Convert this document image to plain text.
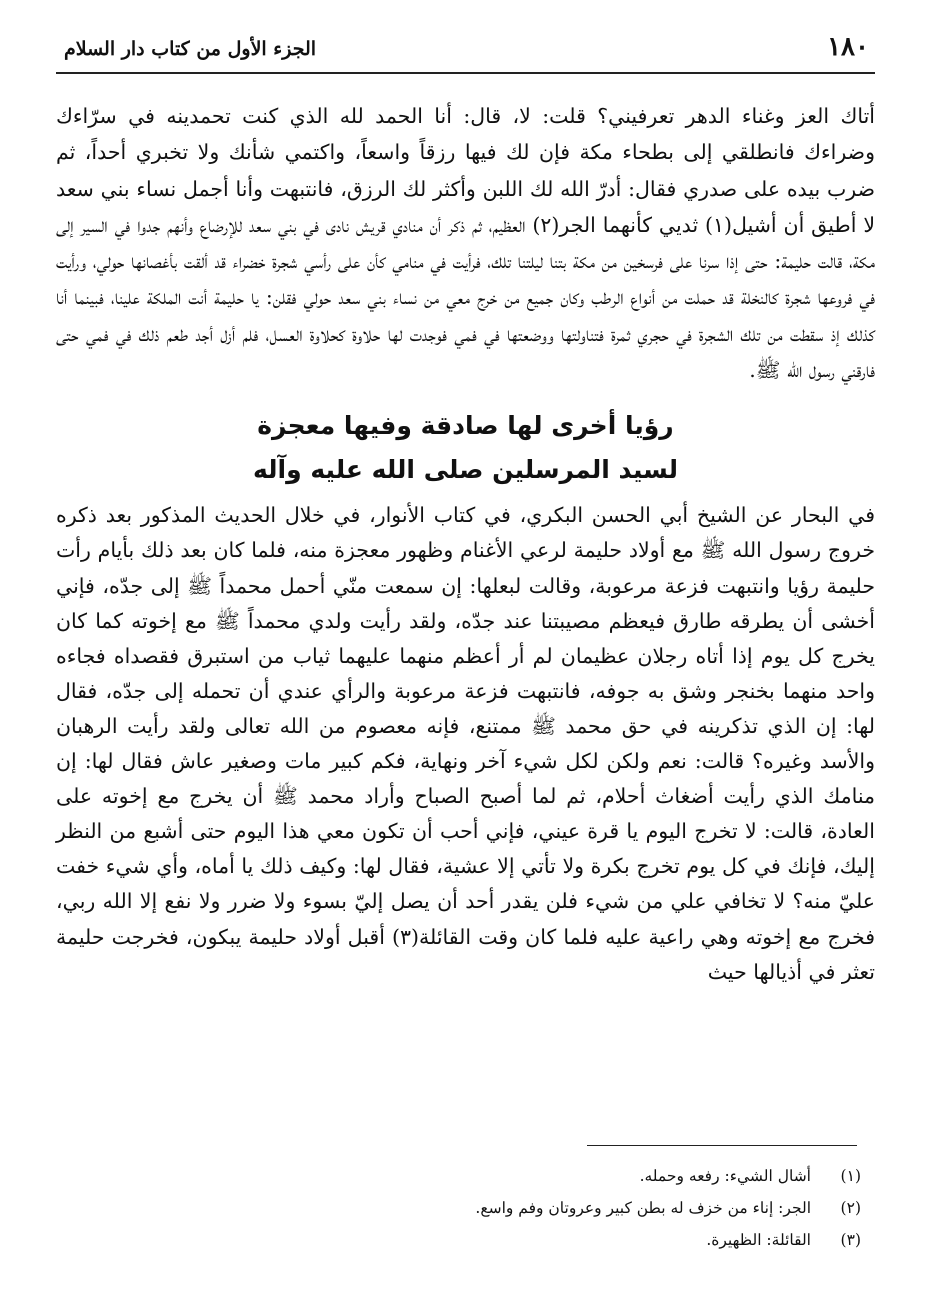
١٨٠
الجزء الأول من كتاب دار السلام

أتاك العز وغناء الدهر تعرفيني؟ قلت: لا، قال: أنا الحمد لله الذي كنت تحمدينه في سرّاءك وضراءك فانطلقي إلى بطحاء مكة فإن لك فيها رزقاً واسعاً، واكتمي شأنك ولا تخبري أحداً، ثم ضرب بيده على صدري فقال: أدرّ الله لك اللبن وأكثر لك الرزق، فانتبهت وأنا أجمل نساء بني سعد لا أطيق أن أشيل(١) ثديي كأنهما الجر(٢) العظيم، ثم ذكر أن منادي قريش نادى في بني سعد للإرضاع وأنهم جدوا في السير إلى مكة، قالت حليمة: حتى إذا سرنا على فرسخين من مكة بتنا ليلتنا تلك، فرأيت في منامي كأن على رأسي شجرة خضراء قد ألقت بأغصانها حولي، ورأيت في فروعها شجرة كالنخلة قد حملت من أنواع الرطب وكان جميع من خرج معي من نساء بني سعد حولي فقلن: يا حليمة أنت الملكة علينا، فبينما أنا كذلك إذ سقطت من تلك الشجرة في حجري ثمرة فتناولتها ووضعتها في فمي فوجدت لها حلاوة كحلاوة العسل، فلم أزل أجد طعم ذلك في فمي حتى فارقني رسول الله ﷺ.

رؤيا أخرى لها صادقة وفيها معجزة
لسيد المرسلين صلى الله عليه وآله

في البحار عن الشيخ أبي الحسن البكري، في كتاب الأنوار، في خلال الحديث المذكور بعد ذكره خروج رسول الله ﷺ مع أولاد حليمة لرعي الأغنام وظهور معجزة منه، فلما كان بعد ذلك بأيام رأت حليمة رؤيا وانتبهت فزعة مرعوبة، وقالت لبعلها: إن سمعت منّي أحمل محمداً ﷺ إلى جدّه، فإني أخشى أن يطرقه طارق فيعظم مصيبتنا عند جدّه، ولقد رأيت ولدي محمداً ﷺ مع إخوته كما كان يخرج كل يوم إذا أتاه رجلان عظيمان لم أر أعظم منهما عليهما ثياب من استبرق فقصداه فجاءه واحد منهما بخنجر وشق به جوفه، فانتبهت فزعة مرعوبة والرأي عندي أن تحمله إلى جدّه، فقال لها: إن الذي تذكرينه في حق محمد ﷺ ممتنع، فإنه معصوم من الله تعالى ولقد رأيت الرهبان والأسد وغيره؟ قالت: نعم ولكن لكل شيء آخر ونهاية، فكم كبير مات وصغير عاش فقال لها: إن منامك الذي رأيت أضغاث أحلام، ثم لما أصبح الصباح وأراد محمد ﷺ أن يخرج مع إخوته على العادة، قالت: لا تخرج اليوم يا قرة عيني، فإني أحب أن تكون معي هذا اليوم حتى أشبع من النظر إليك، فإنك في كل يوم تخرج بكرة ولا تأتي إلا عشية، فقال لها: وكيف ذلك يا أماه، وأي شيء خفت عليّ منه؟ لا تخافي علي من شيء فلن يقدر أحد أن يصل إليّ بسوء ولا ضرر ولا نفع إلا الله ربي، فخرج مع إخوته وهي راعية عليه فلما كان وقت القائلة(٣) أقبل أولاد حليمة يبكون، فخرجت حليمة تعثر في أذيالها حيث

(١)
أشال الشيء: رفعه وحمله.
(٢)
الجر: إناء من خزف له بطن كبير وعروتان وفم واسع.
(٣)
القائلة: الظهيرة.
